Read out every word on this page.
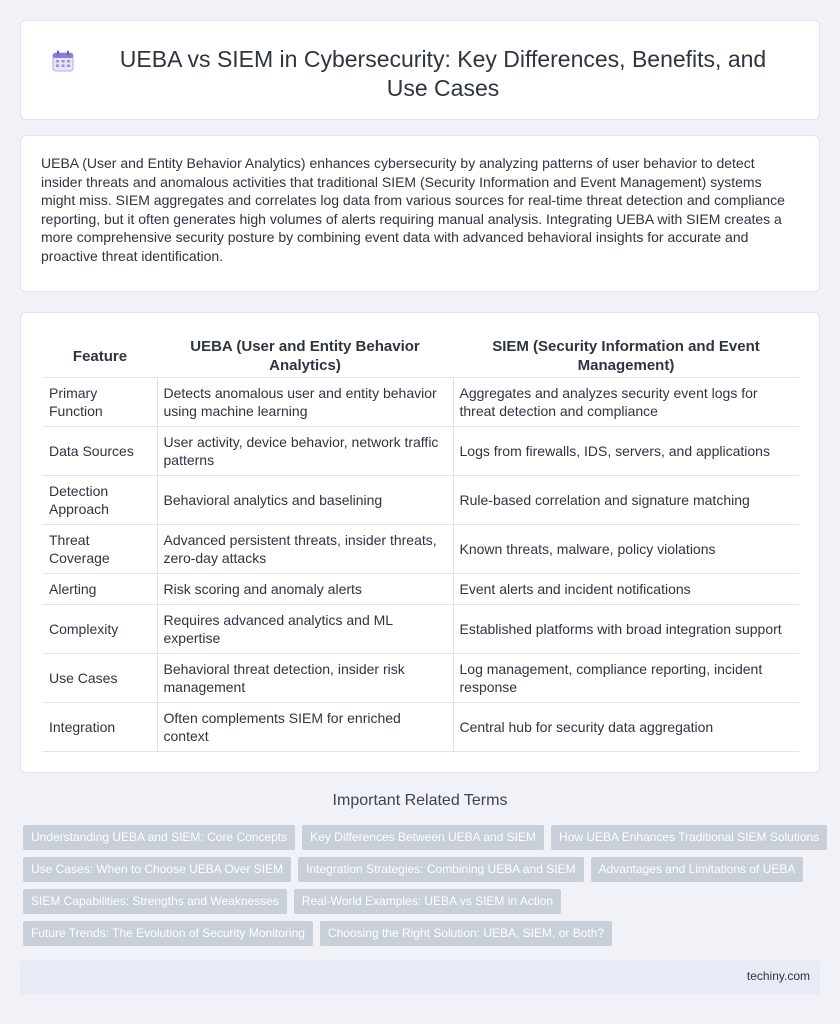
UEBA vs SIEM in Cybersecurity: Key Differences, Benefits, and Use Cases

UEBA (User and Entity Behavior Analytics) enhances cybersecurity by analyzing patterns of user behavior to detect insider threats and anomalous activities that traditional SIEM (Security Information and Event Management) systems might miss. SIEM aggregates and correlates log data from various sources for real-time threat detection and compliance reporting, but it often generates high volumes of alerts requiring manual analysis. Integrating UEBA with SIEM creates a more comprehensive security posture by combining event data with advanced behavioral insights for accurate and proactive threat identification.

Feature	UEBA (User and Entity Behavior Analytics)	SIEM (Security Information and Event Management)
Primary Function	Detects anomalous user and entity behavior using machine learning	Aggregates and analyzes security event logs for threat detection and compliance
Data Sources	User activity, device behavior, network traffic patterns	Logs from firewalls, IDS, servers, and applications
Detection Approach	Behavioral analytics and baselining	Rule-based correlation and signature matching
Threat Coverage	Advanced persistent threats, insider threats, zero-day attacks	Known threats, malware, policy violations
Alerting	Risk scoring and anomaly alerts	Event alerts and incident notifications
Complexity	Requires advanced analytics and ML expertise	Established platforms with broad integration support
Use Cases	Behavioral threat detection, insider risk management	Log management, compliance reporting, incident response
Integration	Often complements SIEM for enriched context	Central hub for security data aggregation
Important Related Terms
Understanding UEBA and SIEM: Core Concepts	Key Differences Between UEBA and SIEM	How UEBA Enhances Traditional SIEM Solutions
Use Cases: When to Choose UEBA Over SIEM	Integration Strategies: Combining UEBA and SIEM	Advantages and Limitations of UEBA
SIEM Capabilities: Strengths and Weaknesses	Real-World Examples: UEBA vs SIEM in Action
Future Trends: The Evolution of Security Monitoring	Choosing the Right Solution: UEBA, SIEM, or Both?
techiny.com
